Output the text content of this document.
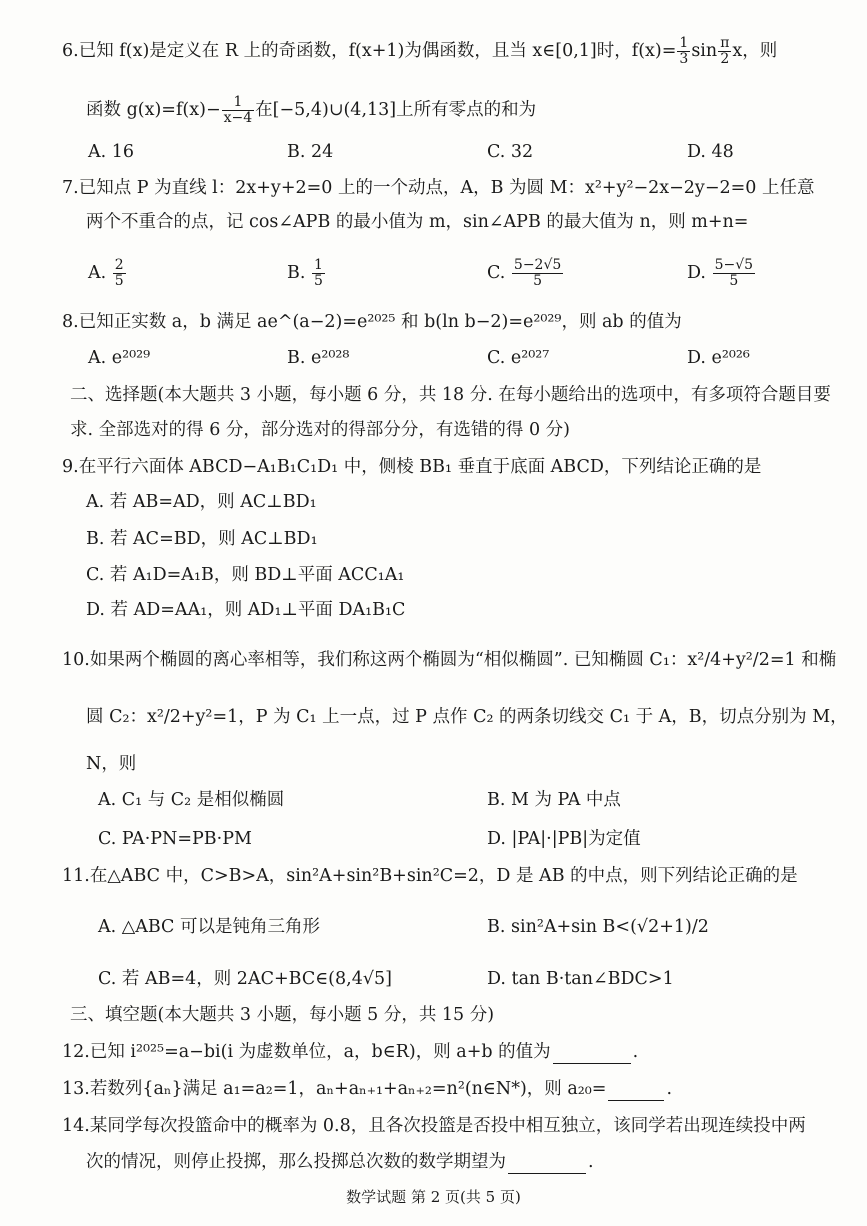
6.已知 f(x)是定义在 R 上的奇函数，f(x+1)为偶函数，且当 x∈[0,1]时，$f(x)= \frac{1}{3}$ $\sin \frac{\pi}{2}$ x，则
函数 $g(x)=f(x)- \frac{1}{x-4}$ 在[−5,4)∪(4,13]上所有零点的和为
A. 16	B. 24	C. 32	D. 48
7.已知点 P 为直线 l：2x+y+2=0 上的一个动点，A，B 为圆 M：x²+y²−2x−2y−2=0 上任意
两个不重合的点，记 cos∠APB 的最小值为 m，sin∠APB 的最大值为 n，则 m+n=
A. $\frac{2}{5}$	B. $\frac{1}{5}$	C. $\frac{5-2√5}{5}$	D. $\frac{5-√5}{5}$
8.已知正实数 a，b 满足 ae^(a−2)=e²⁰²⁵ 和 b(ln b−2)=e²⁰²⁹，则 ab 的值为
A. e²⁰²⁹	B. e²⁰²⁸	C. e²⁰²⁷	D. e²⁰²⁶
二、选择题(本大题共 3 小题，每小题 6 分，共 18 分. 在每小题给出的选项中，有多项符合题目要
求. 全部选对的得 6 分，部分选对的得部分分，有选错的得 0 分)
9.在平行六面体 ABCD−A₁B₁C₁D₁ 中，侧棱 BB₁ 垂直于底面 ABCD，下列结论正确的是
A. 若 AB=AD，则 AC⊥BD₁
B. 若 AC=BD，则 AC⊥BD₁
C. 若 A₁D=A₁B，则 BD⊥平面 ACC₁A₁
D. 若 AD=AA₁，则 AD₁⊥平面 DA₁B₁C
10.如果两个椭圆的离心率相等，我们称这两个椭圆为“相似椭圆”. 已知椭圆 C₁：x²/4+y²/2=1 和椭
圆 C₂：x²/2+y²=1，P 为 C₁ 上一点，过 P 点作 C₂ 的两条切线交 C₁ 于 A，B，切点分别为 M，
N，则
A. C₁ 与 C₂ 是相似椭圆	B. M 为 PA 中点
C. PA·PN=PB·PM	D. |PA|·|PB|为定值
11.在△ABC 中，C>B>A，sin²A+sin²B+sin²C=2，D 是 AB 的中点，则下列结论正确的是
A. △ABC 可以是钝角三角形	B. sin²A+sin B<(√2+1)/2
C. 若 AB=4，则 2AC+BC∈(8,4√5]	D. tan B·tan∠BDC>1
三、填空题(本大题共 3 小题，每小题 5 分，共 15 分)
12.已知 i²⁰²⁵=a−bi(i 为虚数单位，a，b∈R)，则 a+b 的值为	.
13.若数列{aₙ}满足 a₁=a₂=1，aₙ+aₙ₊₁+aₙ₊₂=n²(n∈N*)，则 a₂₀=	.
14.某同学每次投篮命中的概率为 0.8，且各次投篮是否投中相互独立，该同学若出现连续投中两
次的情况，则停止投掷，那么投掷总次数的数学期望为	.
数学试题 第 2 页(共 5 页)
